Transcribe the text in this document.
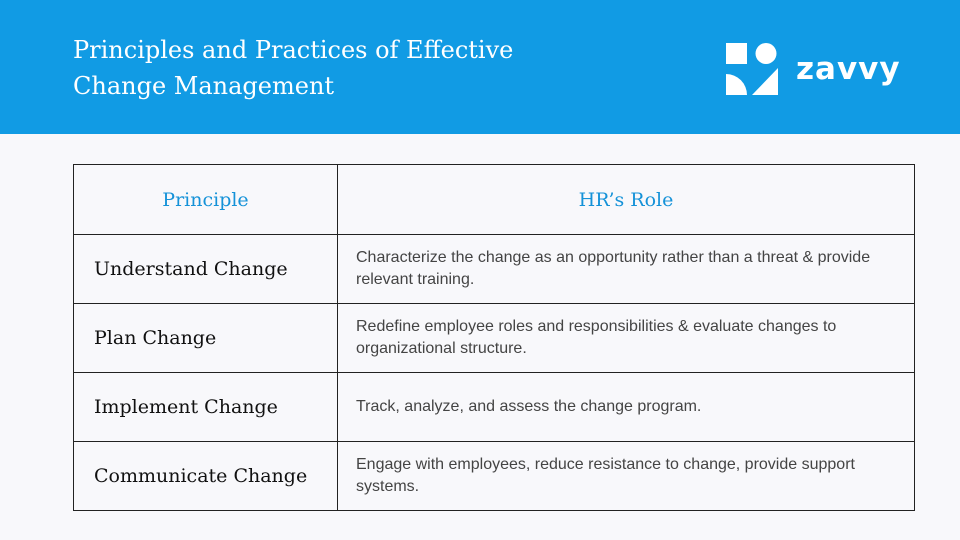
Principles and Practices of Effective
Change Management	zavvy
Principle	HR’s Role
Understand Change	Characterize the change as an opportunity rather than a threat & provide relevant training.
Plan Change	Redefine employee roles and responsibilities & evaluate changes to organizational structure.
Implement Change	Track, analyze, and assess the change program.
Communicate Change	Engage with employees, reduce resistance to change, provide support systems.
